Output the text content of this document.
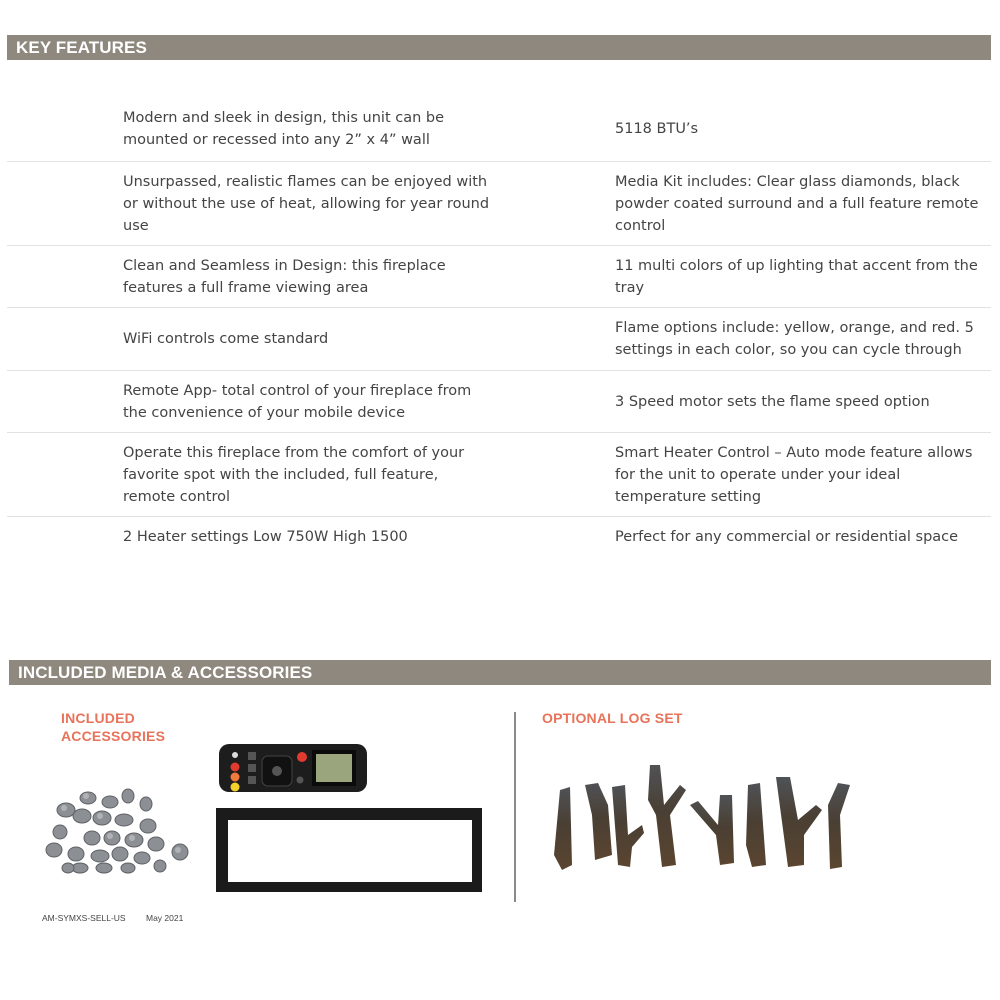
KEY FEATURES
Modern and sleek in design, this unit can be mounted or recessed into any 2” x 4” wall
5118 BTU’s
Unsurpassed, realistic flames can be enjoyed with or without the use of heat, allowing for year round use
Media Kit includes: Clear glass diamonds, black powder coated surround and a full feature remote control
Clean and Seamless in Design: this fireplace features a full frame viewing area
11 multi colors of up lighting that accent from the tray
WiFi controls come standard
Flame options include: yellow, orange, and red. 5 settings in each color, so you can cycle through
Remote App- total control of your fireplace from the convenience of your mobile device
3 Speed motor sets the flame speed option
Operate this fireplace from the comfort of your favorite spot with the included, full feature, remote control
Smart Heater Control – Auto mode feature allows for the unit to operate under your ideal temperature setting
2 Heater settings Low 750W High 1500	Perfect for any commercial or residential space
INCLUDED MEDIA & ACCESSORIES
INCLUDED
ACCESSORIES
OPTIONAL LOG SET
AM-SYMXS-SELL-US May 2021
